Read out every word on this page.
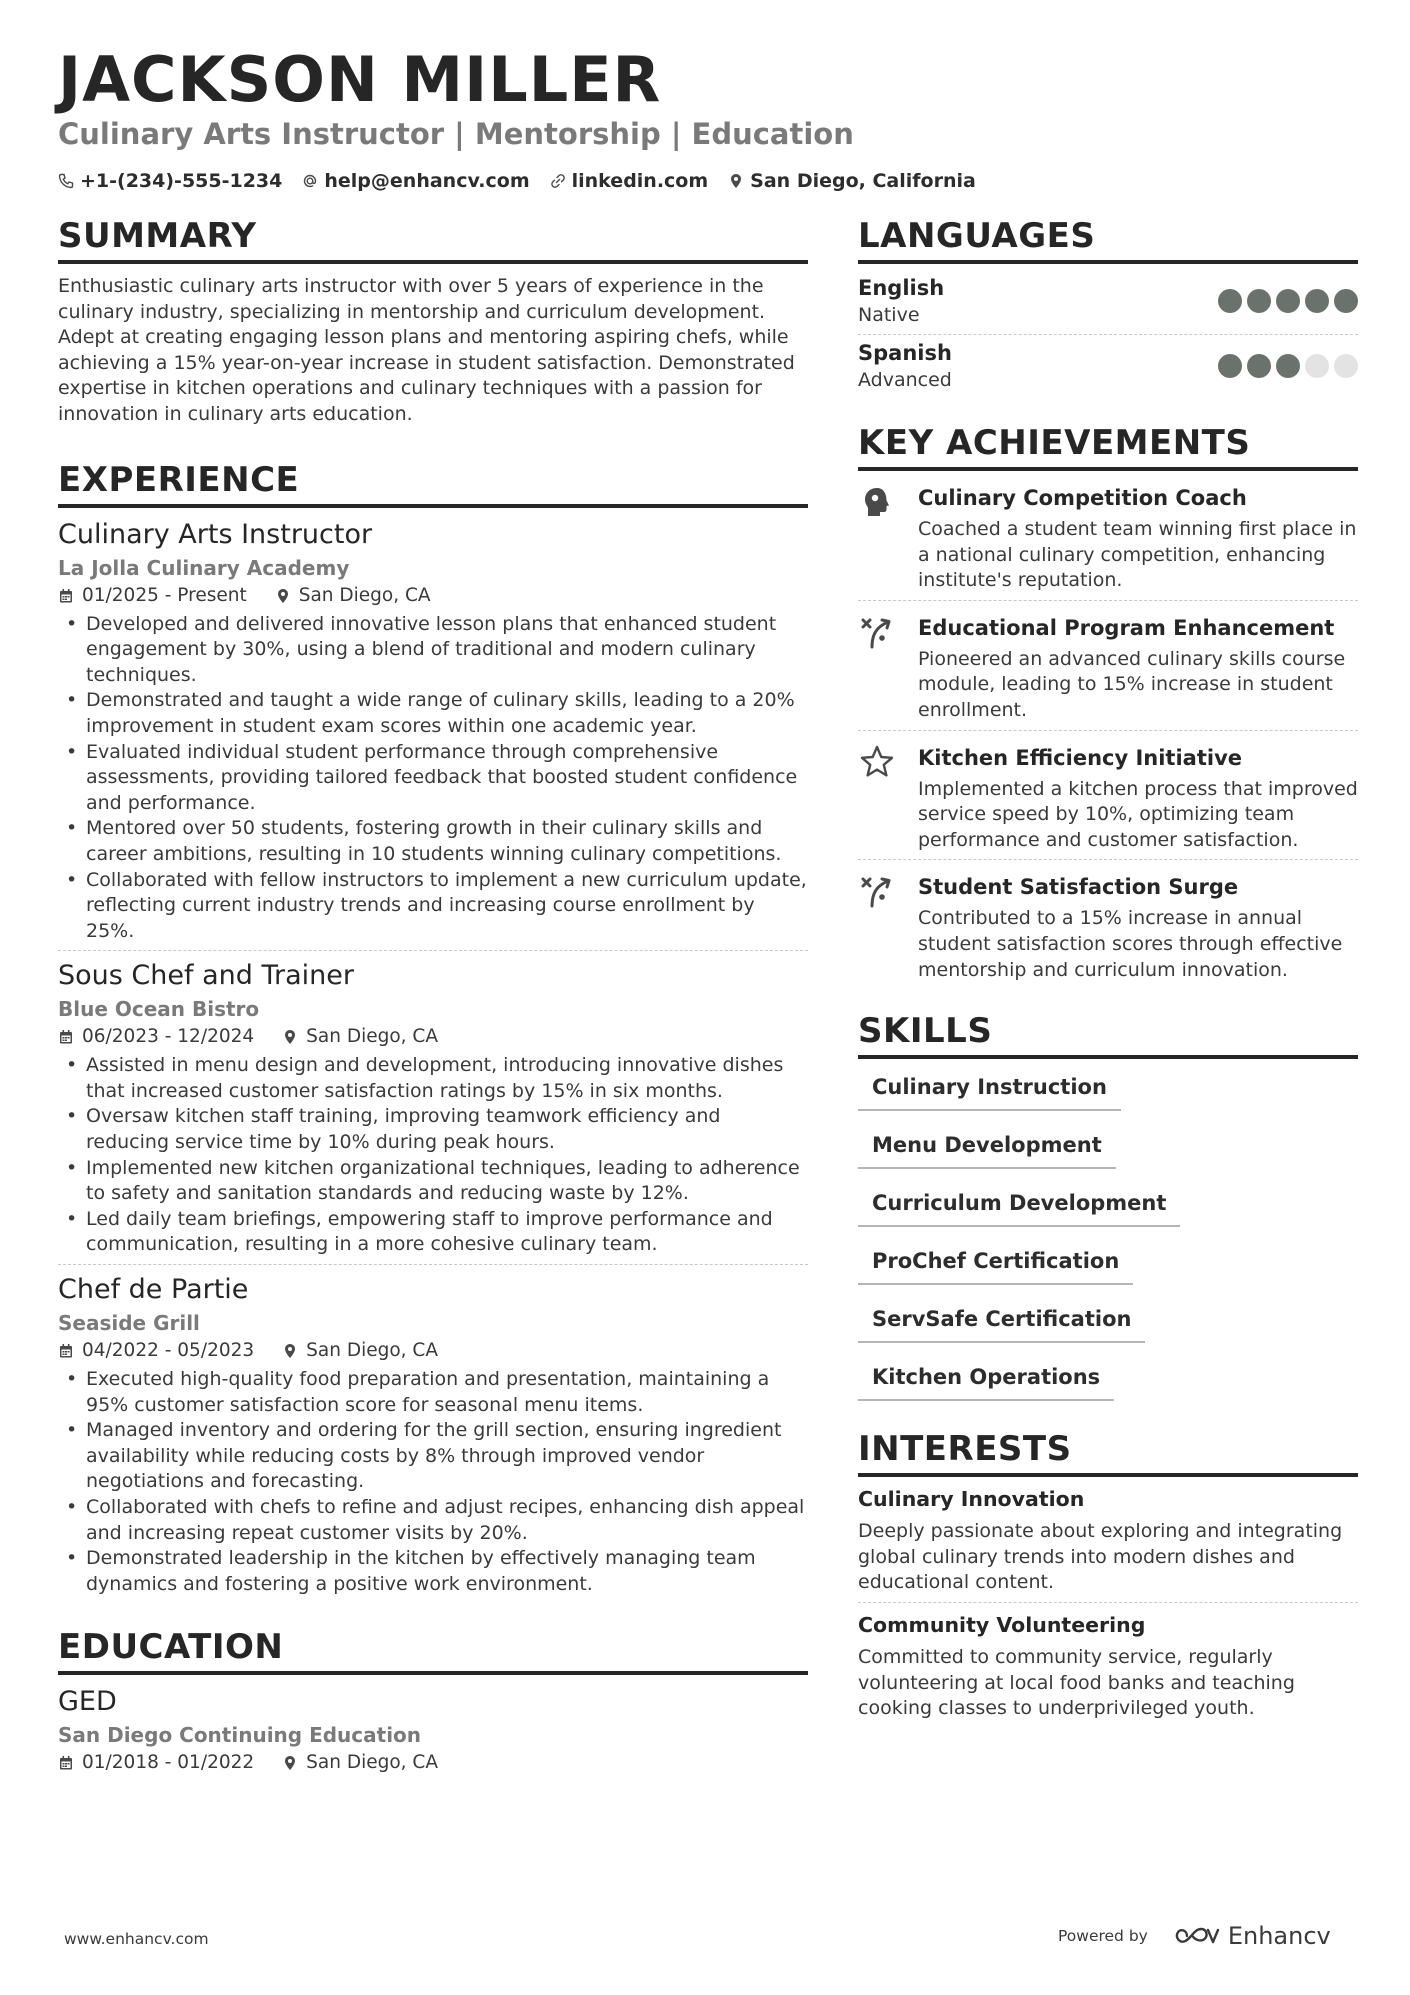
JACKSON MILLER
Culinary Arts Instructor | Mentorship | Education
+1-(234)-555-1234 help@enhancv.com linkedin.com San Diego, California
SUMMARY
Enthusiastic culinary arts instructor with over 5 years of experience in the culinary industry, specializing in mentorship and curriculum development. Adept at creating engaging lesson plans and mentoring aspiring chefs, while achieving a 15% year-on-year increase in student satisfaction. Demonstrated expertise in kitchen operations and culinary techniques with a passion for innovation in culinary arts education.
EXPERIENCE
Culinary Arts Instructor
La Jolla Culinary Academy
01/2025 - Present	San Diego, CA
• Developed and delivered innovative lesson plans that enhanced student engagement by 30%, using a blend of traditional and modern culinary techniques.
• Demonstrated and taught a wide range of culinary skills, leading to a 20% improvement in student exam scores within one academic year.
• Evaluated individual student performance through comprehensive assessments, providing tailored feedback that boosted student confidence and performance.
• Mentored over 50 students, fostering growth in their culinary skills and career ambitions, resulting in 10 students winning culinary competitions.
• Collaborated with fellow instructors to implement a new curriculum update, reflecting current industry trends and increasing course enrollment by 25%.
Sous Chef and Trainer
Blue Ocean Bistro
06/2023 - 12/2024	San Diego, CA
• Assisted in menu design and development, introducing innovative dishes that increased customer satisfaction ratings by 15% in six months.
• Oversaw kitchen staff training, improving teamwork efficiency and reducing service time by 10% during peak hours.
• Implemented new kitchen organizational techniques, leading to adherence to safety and sanitation standards and reducing waste by 12%.
• Led daily team briefings, empowering staff to improve performance and communication, resulting in a more cohesive culinary team.
Chef de Partie
Seaside Grill
04/2022 - 05/2023	San Diego, CA
• Executed high-quality food preparation and presentation, maintaining a 95% customer satisfaction score for seasonal menu items.
• Managed inventory and ordering for the grill section, ensuring ingredient availability while reducing costs by 8% through improved vendor negotiations and forecasting.
• Collaborated with chefs to refine and adjust recipes, enhancing dish appeal and increasing repeat customer visits by 20%.
• Demonstrated leadership in the kitchen by effectively managing team dynamics and fostering a positive work environment.
EDUCATION
GED
San Diego Continuing Education
01/2018 - 01/2022	San Diego, CA
LANGUAGES
English
Native
Spanish
Advanced
KEY ACHIEVEMENTS
Culinary Competition Coach
Coached a student team winning first place in a national culinary competition, enhancing institute's reputation.
Educational Program Enhancement
Pioneered an advanced culinary skills course module, leading to 15% increase in student enrollment.
Kitchen Efficiency Initiative
Implemented a kitchen process that improved service speed by 10%, optimizing team performance and customer satisfaction.
Student Satisfaction Surge
Contributed to a 15% increase in annual student satisfaction scores through effective mentorship and curriculum innovation.
SKILLS
Culinary Instruction
Menu Development
Curriculum Development
ProChef Certification
ServSafe Certification
Kitchen Operations
INTERESTS
Culinary Innovation
Deeply passionate about exploring and integrating global culinary trends into modern dishes and educational content.
Community Volunteering
Committed to community service, regularly volunteering at local food banks and teaching cooking classes to underprivileged youth.
www.enhancv.com	Powered by	Enhancv
